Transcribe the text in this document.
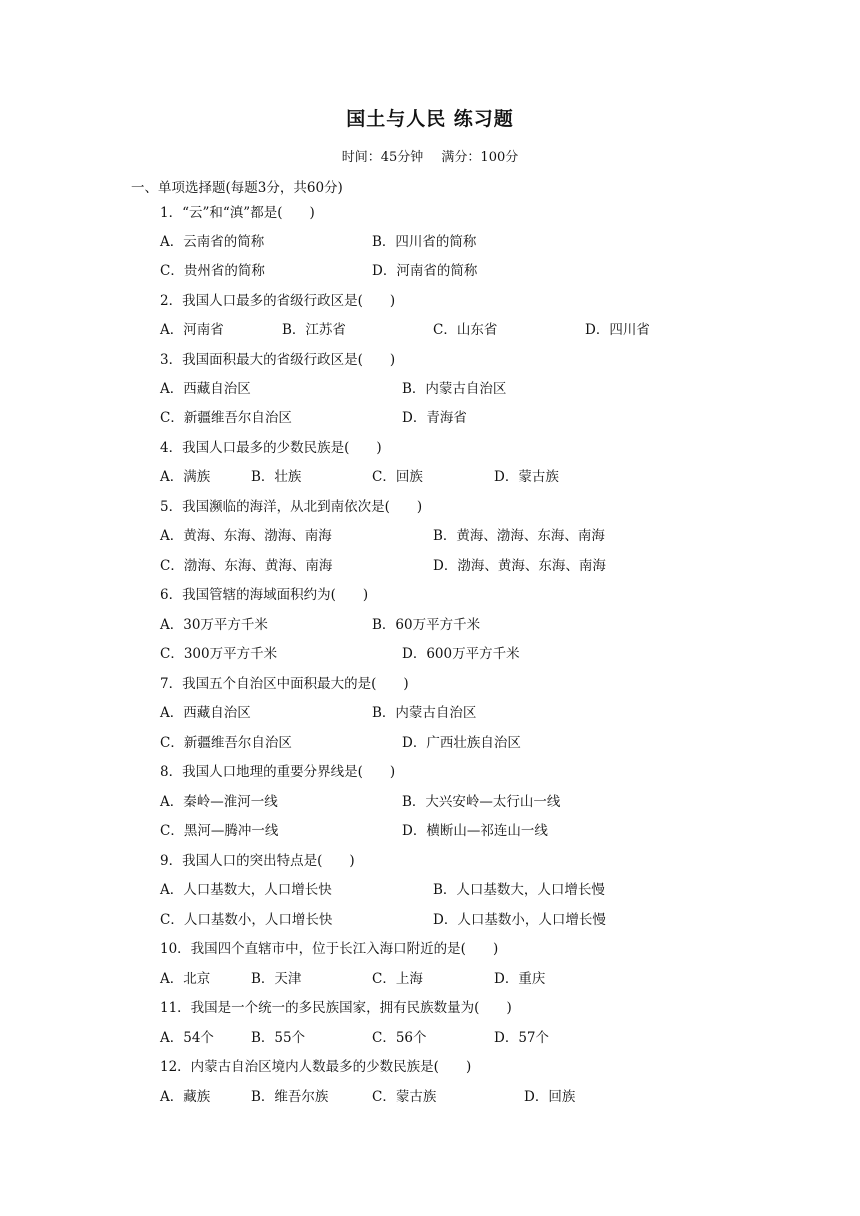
国土与人民 练习题
时间：45分钟 满分：100分
一、单项选择题(每题3分，共60分)
1．“云”和“滇”都是(　　)
A．云南省的简称	B．四川省的简称
C．贵州省的简称	D．河南省的简称
2．我国人口最多的省级行政区是(　　)
A．河南省	B．江苏省	C．山东省	D．四川省
3．我国面积最大的省级行政区是(　　)
A．西藏自治区	B．内蒙古自治区
C．新疆维吾尔自治区	D．青海省
4．我国人口最多的少数民族是(　　)
A．满族	B．壮族	C．回族	D．蒙古族
5．我国濒临的海洋，从北到南依次是(　　)
A．黄海、东海、渤海、南海	B．黄海、渤海、东海、南海
C．渤海、东海、黄海、南海	D．渤海、黄海、东海、南海
6．我国管辖的海域面积约为(　　)
A．30万平方千米	B．60万平方千米
C．300万平方千米	D．600万平方千米
7．我国五个自治区中面积最大的是(　　)
A．西藏自治区	B．内蒙古自治区
C．新疆维吾尔自治区	D．广西壮族自治区
8．我国人口地理的重要分界线是(　　)
A．秦岭—淮河一线	B．大兴安岭—太行山一线
C．黑河—腾冲一线	D．横断山—祁连山一线
9．我国人口的突出特点是(　　)
A．人口基数大，人口增长快	B．人口基数大，人口增长慢
C．人口基数小，人口增长快	D．人口基数小，人口增长慢
10．我国四个直辖市中，位于长江入海口附近的是(　　)
A．北京	B．天津	C．上海	D．重庆
11．我国是一个统一的多民族国家，拥有民族数量为(　　)
A．54个	B．55个	C．56个	D．57个
12．内蒙古自治区境内人数最多的少数民族是(　　)
A．藏族	B．维吾尔族	C．蒙古族	D．回族
